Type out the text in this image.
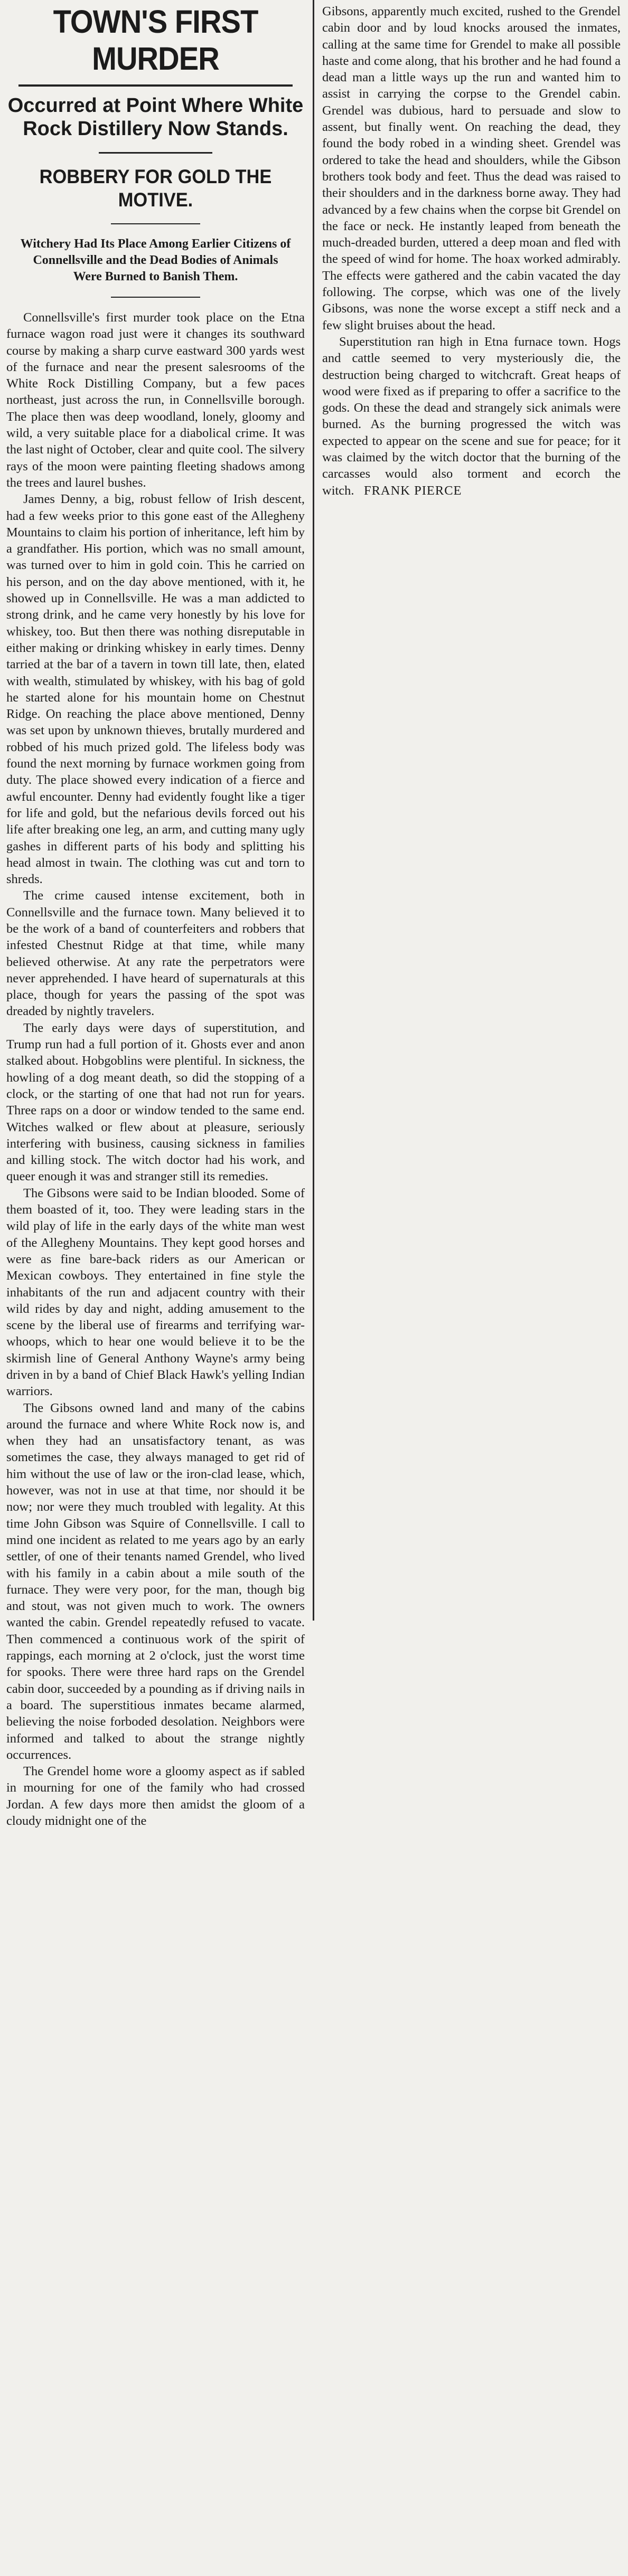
TOWN'S FIRST MURDER
Occurred at Point Where White Rock Distillery Now Stands.
ROBBERY FOR GOLD THE MOTIVE.
Witchery Had Its Place Among Earlier Citizens of Connellsville and the Dead Bodies of Animals Were Burned to Banish Them.

Connellsville's first murder took place on the Etna furnace wagon road just were it changes its southward course by making a sharp curve eastward 300 yards west of the furnace and near the present salesrooms of the White Rock Distilling Company, but a few paces northeast, just across the run, in Connellsville borough. The place then was deep woodland, lonely, gloomy and wild, a very suitable place for a diabolical crime. It was the last night of October, clear and quite cool. The silvery rays of the moon were painting fleeting shadows among the trees and laurel bushes.

James Denny, a big, robust fellow of Irish descent, had a few weeks prior to this gone east of the Allegheny Mountains to claim his portion of inheritance, left him by a grandfather. His portion, which was no small amount, was turned over to him in gold coin. This he carried on his person, and on the day above mentioned, with it, he showed up in Connellsville. He was a man addicted to strong drink, and he came very honestly by his love for whiskey, too. But then there was nothing disreputable in either making or drinking whiskey in early times. Denny tarried at the bar of a tavern in town till late, then, elated with wealth, stimulated by whiskey, with his bag of gold he started alone for his mountain home on Chestnut Ridge. On reaching the place above mentioned, Denny was set upon by unknown thieves, brutally murdered and robbed of his much prized gold. The lifeless body was found the next morning by furnace workmen going from duty. The place showed every indication of a fierce and awful encounter. Denny had evidently fought like a tiger for life and gold, but the nefarious devils forced out his life after breaking one leg, an arm, and cutting many ugly gashes in different parts of his body and splitting his head almost in twain. The clothing was cut and torn to shreds.

The crime caused intense excitement, both in Connellsville and the furnace town. Many believed it to be the work of a band of counterfeiters and robbers that infested Chestnut Ridge at that time, while many believed otherwise. At any rate the perpetrators were never apprehended. I have heard of supernaturals at this place, though for years the passing of the spot was dreaded by nightly travelers.

The early days were days of superstitution, and Trump run had a full portion of it. Ghosts ever and anon stalked about. Hobgoblins were plentiful. In sickness, the howling of a dog meant death, so did the stopping of a clock, or the starting of one that had not run for years. Three raps on a door or window tended to the same end. Witches walked or flew about at pleasure, seriously interfering with business, causing sickness in families and killing stock. The witch doctor had his work, and queer enough it was and stranger still its remedies.

The Gibsons were said to be Indian blooded. Some of them boasted of it, too. They were leading stars in the wild play of life in the early days of the white man west of the Allegheny Mountains. They kept good horses and were as fine bare-back riders as our American or Mexican cowboys. They entertained in fine style the inhabitants of the run and adjacent country with their wild rides by day and night, adding amusement to the scene by the liberal use of firearms and terrifying war-whoops, which to hear one would believe it to be the skirmish line of General Anthony Wayne's army being driven in by a band of Chief Black Hawk's yelling Indian warriors.

The Gibsons owned land and many of the cabins around the furnace and where White Rock now is, and when they had an unsatisfactory tenant, as was sometimes the case, they always managed to get rid of him without the use of law or the iron-clad lease, which, however, was not in use at that time, nor should it be now; nor were they much troubled with legality. At this time John Gibson was Squire of Connellsville. I call to mind one incident as related to me years ago by an early settler, of one of their tenants named Grendel, who lived with his family in a cabin about a mile south of the furnace. They were very poor, for the man, though big and stout, was not given much to work. The owners wanted the cabin. Grendel repeatedly refused to vacate. Then commenced a continuous work of the spirit of rappings, each morning at 2 o'clock, just the worst time for spooks. There were three hard raps on the Grendel cabin door, succeeded by a pounding as if driving nails in a board. The superstitious inmates became alarmed, believing the noise forboded desolation. Neighbors were informed and talked to about the strange nightly occurrences.

The Grendel home wore a gloomy aspect as if sabled in mourning for one of the family who had crossed Jordan. A few days more then amidst the gloom of a cloudy midnight one of the

Gibsons, apparently much excited, rushed to the Grendel cabin door and by loud knocks aroused the inmates, calling at the same time for Grendel to make all possible haste and come along, that his brother and he had found a dead man a little ways up the run and wanted him to assist in carrying the corpse to the Grendel cabin. Grendel was dubious, hard to persuade and slow to assent, but finally went. On reaching the dead, they found the body robed in a winding sheet. Grendel was ordered to take the head and shoulders, while the Gibson brothers took body and feet. Thus the dead was raised to their shoulders and in the darkness borne away. They had advanced by a few chains when the corpse bit Grendel on the face or neck. He instantly leaped from beneath the much-dreaded burden, uttered a deep moan and fled with the speed of wind for home. The hoax worked admirably. The effects were gathered and the cabin vacated the day following. The corpse, which was one of the lively Gibsons, was none the worse except a stiff neck and a few slight bruises about the head.

Superstitution ran high in Etna furnace town. Hogs and cattle seemed to very mysteriously die, the destruction being charged to witchcraft. Great heaps of wood were fixed as if preparing to offer a sacrifice to the gods. On these the dead and strangely sick animals were burned. As the burning progressed the witch was expected to appear on the scene and sue for peace; for it was claimed by the witch doctor that the burning of the carcasses would also torment and ecorch the witch. FRANK PIERCE
